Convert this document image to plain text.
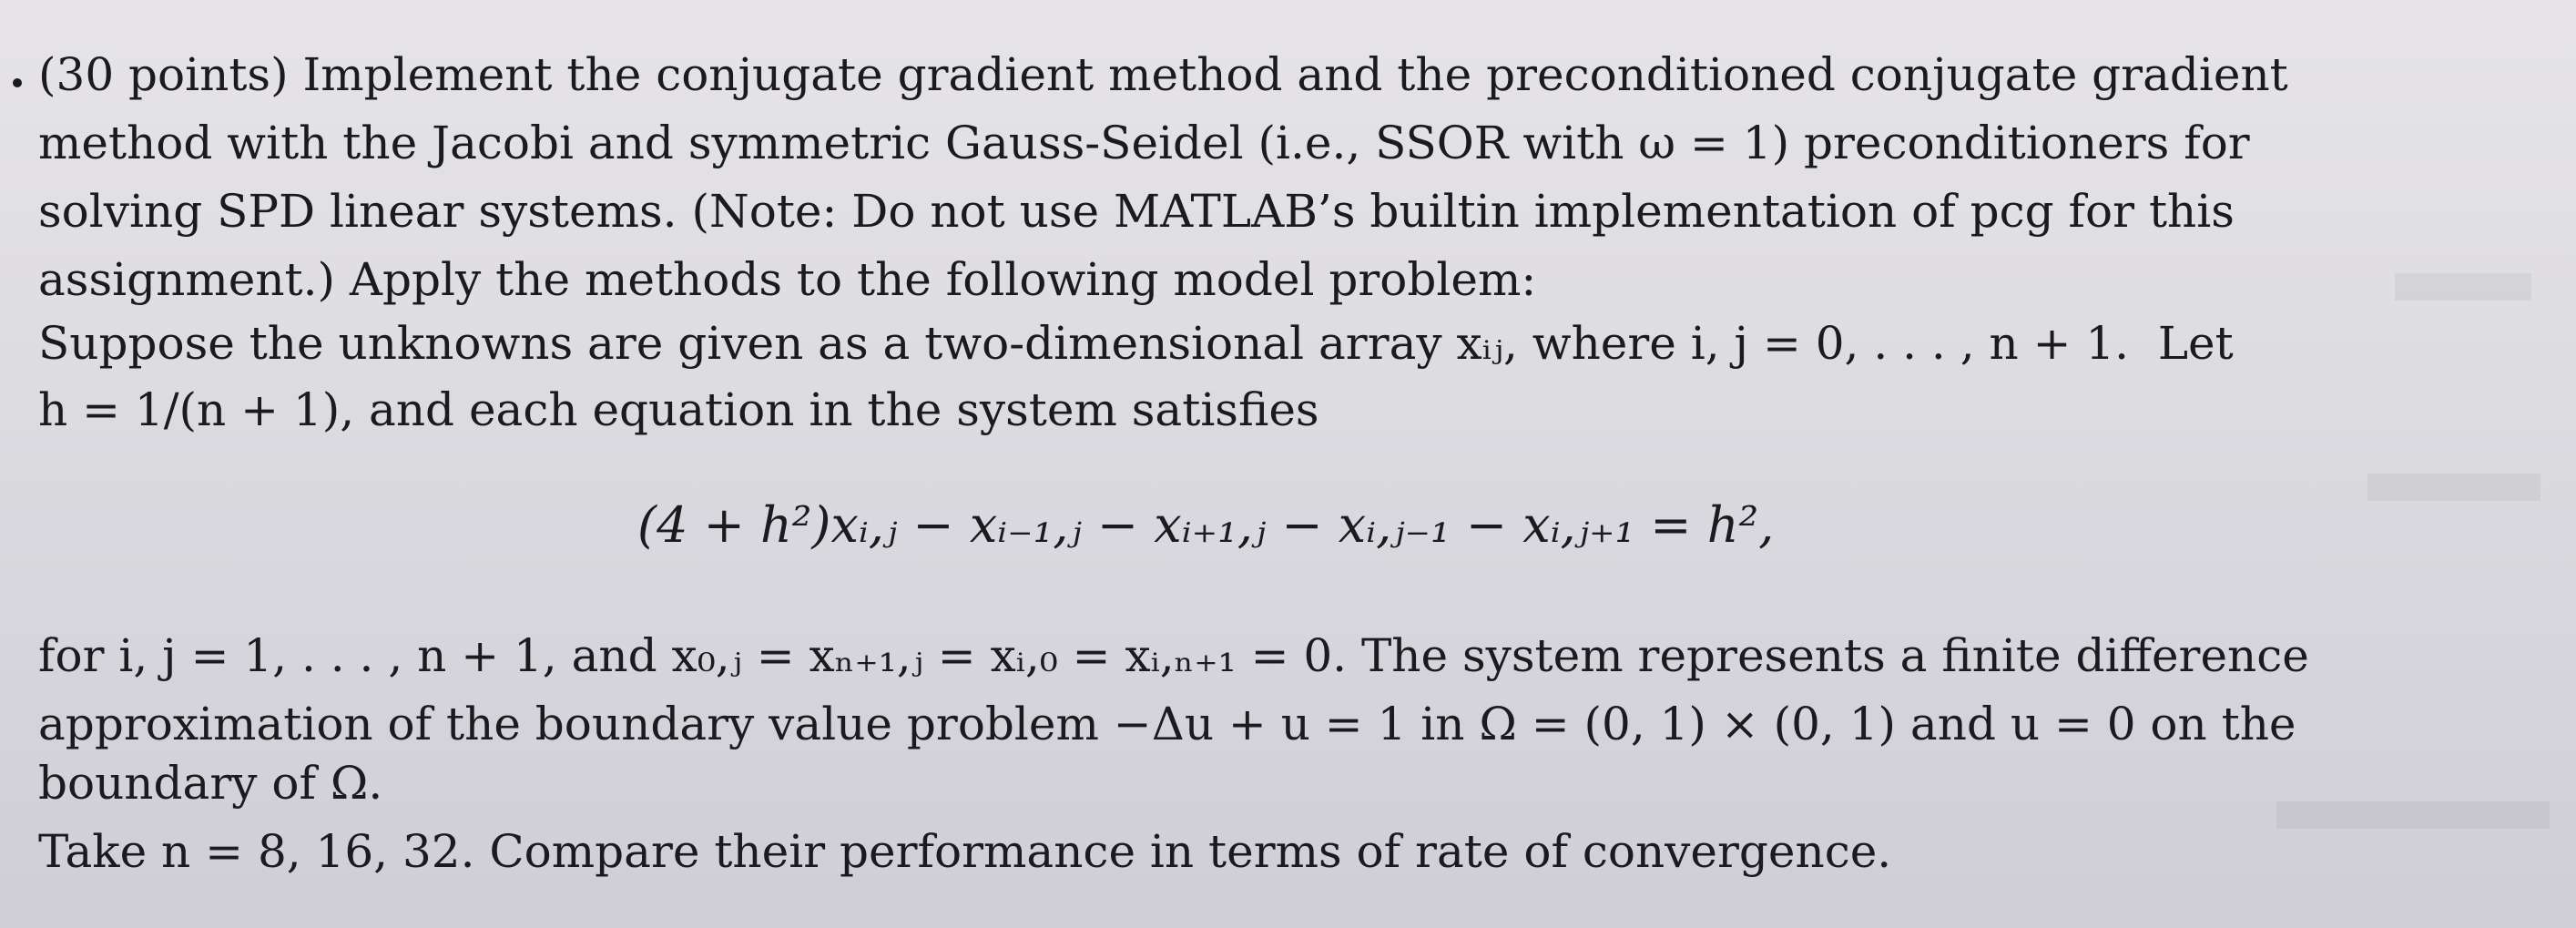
(30 points) Implement the conjugate gradient method and the preconditioned conjugate gradient
method with the Jacobi and symmetric Gauss-Seidel (i.e., SSOR with ω = 1) preconditioners for
solving SPD linear systems. (Note: Do not use MATLAB’s builtin implementation of pcg for this
assignment.) Apply the methods to the following model problem:
Suppose the unknowns are given as a two-dimensional array xᵢⱼ, where i, j = 0, . . . , n + 1.  Let
h = 1/(n + 1), and each equation in the system satisfies
(4 + h²)xᵢ,ⱼ − xᵢ₋₁,ⱼ − xᵢ₊₁,ⱼ − xᵢ,ⱼ₋₁ − xᵢ,ⱼ₊₁ = h²,
for i, j = 1, . . . , n + 1, and x₀,ⱼ = xₙ₊₁,ⱼ = xᵢ,₀ = xᵢ,ₙ₊₁ = 0. The system represents a finite difference
approximation of the boundary value problem −Δu + u = 1 in Ω = (0, 1) × (0, 1) and u = 0 on the
boundary of Ω.
Take n = 8, 16, 32. Compare their performance in terms of rate of convergence.
